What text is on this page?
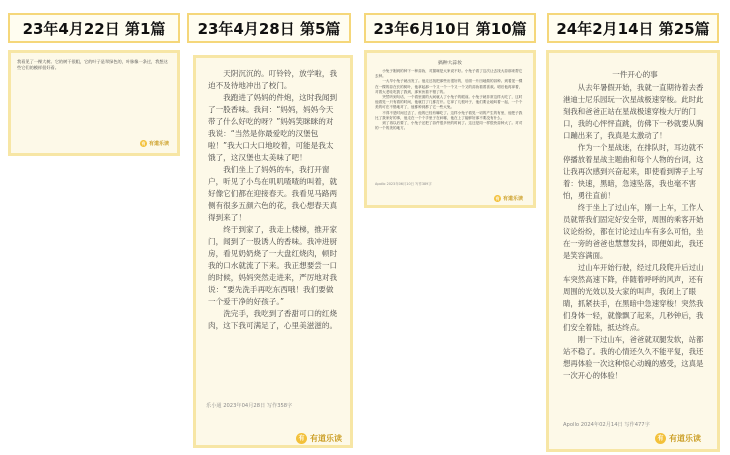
23年4月22日 第1篇

我看见了一棵大树。它的树干很粗，它的叶子是翠绿色的，叶脉像一条过，我想这些它们的模样很好看。

有 有道乐读
23年4月28日 第5篇

天阴沉沉的。叮铃铃，放学啦，我迫不及待地冲出了校门。

我跑进了妈妈的件炮，这时我闻到了一股香味。我问：“妈妈，妈妈今天带了什么好吃的呀？”妈妈笑眯眯的对我说：“当然是你最爱吃的汉堡包啦！”我大口大口地咬着，可能是我太饿了，这汉堡也太美味了吧！

我们坐上了妈妈的车，我打开窗户，听见了小鸟在叽叽喳喳的叫着，就好像它们都在迎接春天。我看见马路两侧有很多五颜六色的花，我心想春天真得到来了！

终于到家了，我走上楼梯，推开家门，闻到了一股诱人的香味。我冲进厨房，看见奶奶烧了一大盘红烧肉，顿时我的口水就流了下来。我正想要尝一口的时候，妈妈突然走进来，严厉地对我说：“要先洗手再吃东西哦！我们要做一个爱干净的好孩子。”

洗完手，我吃到了香甜可口的红烧肉，这下我可满足了，心里美滋滋的。

乐小通 2023年04月28日 写作358字
有 有道乐读
23年6月10日 第10篇
搞种大蒜妆

小兔子刚到的种下一种蒜妆，对猫咪是大家说不好。小兔子看了这次让去找大蒜那来帮它去种。

一大早小兔子就出发了。他走还找把那些出很好的，后面一片田地做的蒜种。到着见一棵在一棵的蒜在长的树叶，他拿起那一个又一个一个又一个又的蒜妆看着喜欢。明后他再拿着，对着大老哇吃我了我到，那家伙看不错了的。

突然听到句话，一个看里面的大间就人了小兔子的眼前。小兔子就非常这样大吃了，这时他看见一只有看的时间，他就打了几都打开。它拿了几根叶子，他们要让地叫着一起，一个个美的可在不错地对了，他都种到都了它一些大兔。

不得不是时间过去了，他的已经有嘛吃了。这样小兔子看见一切的产生的有里，他把子我比了我家好的事，他走在一个个手里子在问哪，他在上了能够好那不要没有什么。

到了再以后要了，小兔子还把了蒜件很多快的时间了。这还是同一样很快蒜种大了。对对的一个的美的地方。

Apollo 2023年06月10日 写作389字
有 有道乐读
24年2月14日 第25篇
一件开心的事

从去年暑假开始，我就一直期待着去香港迪士尼乐园玩一次星战极速穿梭。此时此刻我和爸爸正站在星战极速穿梭大厅的门口，我的心怦怦直跳，仿佛下一秒就要从胸口蹦出来了，我真是太激动了！

作为一个星战迷，在排队时，耳边就不停播放着星战主题曲和每个人物的台词，这让我再次感到兴奋起来，即使看到牌子上写着：快速，黑暗，急速坠落，我也毫不害怕，勇往直前！

终于坐上了过山车，刚一上车，工作人员就帮我们固定好安全带，周围的乘客开始议论纷纷，都在讨论过山车有多么可怕，坐在一旁的爸爸也慧慧发抖，即便如此，我还是笑容满面。

过山车开始行驶，经过几段爬升后过山车突然高速下降，伴随着呼呼的风声，还有周围的光效以及大家的叫声，我闭上了眼睛，抓紧扶手，在黑暗中急速穿梭！突然我们身体一轻，就像飘了起来，几秒钟后，我们安全着陆，抵达终点。

刚一下过山车，爸爸就双腿发软，站都站不稳了。我的心情还久久不能平复，我还想再体验一次这种惊心动魄的感受，这真是一次开心的体验！

Apollo 2024年02月14日 写作477字
有 有道乐读
